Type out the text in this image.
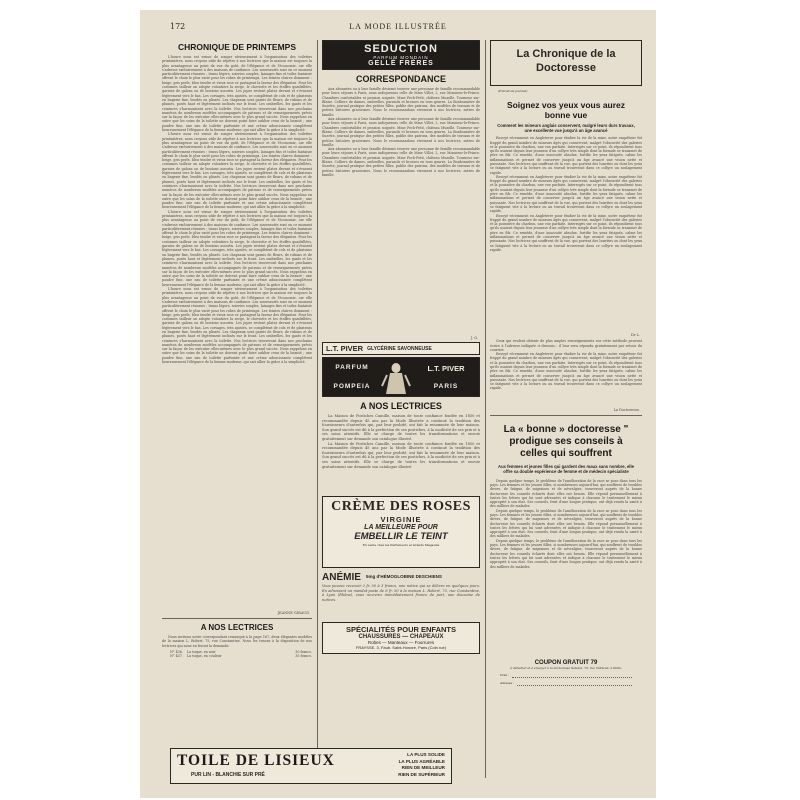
172	LA MODE ILLUSTRÉE
CHRONIQUE DE PRINTEMPS

L'heure nous est venue de songer sérieusement à l'organisation des toilettes printanières, nous croyons utile de répéter à nos lectrices que la maison est toujours la plus avantageuse au point de vue du goût, de l'élégance et de l'économie, car elle s'adresse exclusivement à des maisons de confiance. Les nouveautés sont en ce moment particulièrement réussies ; tissus légers, soieries souples, lainages fins et toiles fantaisie offrent le choix le plus varié pour les robes de printemps. Les teintes claires dominent : beige, gris perle, bleu tendre et vieux rose se partagent la faveur des élégantes. Pour les costumes tailleur on adopte volontiers la serge, le cheviotte et les étoffes quadrillées, garnies de galons ou de boutons assortis. Les jupes restent plates devant et s'évasent légèrement vers le bas. Les corsages, très ajustés, se complètent de cols et de plastrons en lingerie fine, brodés ou plissés. Les chapeaux sont garnis de fleurs, de rubans et de plumes, posés haut et légèrement inclinés sur le front. Les ombrelles, les gants et les ceintures s'harmonisent avec la toilette. Nos lectrices trouveront dans nos prochains numéros de nombreux modèles accompagnés de patrons et de renseignements précis sur la façon de les exécuter elles-mêmes avec le plus grand succès. Nous rappelons en outre que les soins de la toilette ne doivent point faire oublier ceux de la beauté ; une poudre fine, une eau de toilette parfumée et une crème adoucissante complètent heureusement l'élégance de la femme moderne, qui sait allier la grâce à la simplicité.

L'heure nous est venue de songer sérieusement à l'organisation des toilettes printanières, nous croyons utile de répéter à nos lectrices que la maison est toujours la plus avantageuse au point de vue du goût, de l'élégance et de l'économie, car elle s'adresse exclusivement à des maisons de confiance. Les nouveautés sont en ce moment particulièrement réussies ; tissus légers, soieries souples, lainages fins et toiles fantaisie offrent le choix le plus varié pour les robes de printemps. Les teintes claires dominent : beige, gris perle, bleu tendre et vieux rose se partagent la faveur des élégantes. Pour les costumes tailleur on adopte volontiers la serge, le cheviotte et les étoffes quadrillées, garnies de galons ou de boutons assortis. Les jupes restent plates devant et s'évasent légèrement vers le bas. Les corsages, très ajustés, se complètent de cols et de plastrons en lingerie fine, brodés ou plissés. Les chapeaux sont garnis de fleurs, de rubans et de plumes, posés haut et légèrement inclinés sur le front. Les ombrelles, les gants et les ceintures s'harmonisent avec la toilette. Nos lectrices trouveront dans nos prochains numéros de nombreux modèles accompagnés de patrons et de renseignements précis sur la façon de les exécuter elles-mêmes avec le plus grand succès. Nous rappelons en outre que les soins de la toilette ne doivent point faire oublier ceux de la beauté ; une poudre fine, une eau de toilette parfumée et une crème adoucissante complètent heureusement l'élégance de la femme moderne, qui sait allier la grâce à la simplicité.

L'heure nous est venue de songer sérieusement à l'organisation des toilettes printanières, nous croyons utile de répéter à nos lectrices que la maison est toujours la plus avantageuse au point de vue du goût, de l'élégance et de l'économie, car elle s'adresse exclusivement à des maisons de confiance. Les nouveautés sont en ce moment particulièrement réussies ; tissus légers, soieries souples, lainages fins et toiles fantaisie offrent le choix le plus varié pour les robes de printemps. Les teintes claires dominent : beige, gris perle, bleu tendre et vieux rose se partagent la faveur des élégantes. Pour les costumes tailleur on adopte volontiers la serge, le cheviotte et les étoffes quadrillées, garnies de galons ou de boutons assortis. Les jupes restent plates devant et s'évasent légèrement vers le bas. Les corsages, très ajustés, se complètent de cols et de plastrons en lingerie fine, brodés ou plissés. Les chapeaux sont garnis de fleurs, de rubans et de plumes, posés haut et légèrement inclinés sur le front. Les ombrelles, les gants et les ceintures s'harmonisent avec la toilette. Nos lectrices trouveront dans nos prochains numéros de nombreux modèles accompagnés de patrons et de renseignements précis sur la façon de les exécuter elles-mêmes avec le plus grand succès. Nous rappelons en outre que les soins de la toilette ne doivent point faire oublier ceux de la beauté ; une poudre fine, une eau de toilette parfumée et une crème adoucissante complètent heureusement l'élégance de la femme moderne, qui sait allier la grâce à la simplicité.

L'heure nous est venue de songer sérieusement à l'organisation des toilettes printanières, nous croyons utile de répéter à nos lectrices que la maison est toujours la plus avantageuse au point de vue du goût, de l'élégance et de l'économie, car elle s'adresse exclusivement à des maisons de confiance. Les nouveautés sont en ce moment particulièrement réussies ; tissus légers, soieries souples, lainages fins et toiles fantaisie offrent le choix le plus varié pour les robes de printemps. Les teintes claires dominent : beige, gris perle, bleu tendre et vieux rose se partagent la faveur des élégantes. Pour les costumes tailleur on adopte volontiers la serge, le cheviotte et les étoffes quadrillées, garnies de galons ou de boutons assortis. Les jupes restent plates devant et s'évasent légèrement vers le bas. Les corsages, très ajustés, se complètent de cols et de plastrons en lingerie fine, brodés ou plissés. Les chapeaux sont garnis de fleurs, de rubans et de plumes, posés haut et légèrement inclinés sur le front. Les ombrelles, les gants et les ceintures s'harmonisent avec la toilette. Nos lectrices trouveront dans nos prochains numéros de nombreux modèles accompagnés de patrons et de renseignements précis sur la façon de les exécuter elles-mêmes avec le plus grand succès. Nous rappelons en outre que les soins de la toilette ne doivent point faire oublier ceux de la beauté ; une poudre fine, une eau de toilette parfumée et une crème adoucissante complètent heureusement l'élégance de la femme moderne, qui sait allier la grâce à la simplicité.

JEANNE GIRAUD.
A NOS LECTRICES

Nous invitons notre correspondant remarqué à la page 167, deux élégantes modèles de la maison L. Robert, 75, rue Constantine. Nous les tenons à la disposition de nos lectrices qui nous en feront la demande.

N° 436. La toque, en noir	30 francs.
N° 437. La toque, en couleur	35 francs.
TOILE DE LISIEUX
PUR LIN - BLANCHIE SUR PRÉ
LA PLUS SOLIDE
LA PLUS AGRÉABLE
RIEN DE MEILLEUR
RIEN DE SUPÉRIEUR
SEDUCTION
PARFUM MONDAIN
GELLÉ FRÈRES
CORRESPONDANCE

Aux abonnées ou à leur famille désirant trouver une personne de famille recommandable pour leurs séjours à Paris, nous indiquerons celle de Mme Villot, 2, rue Monsieur-le-Prince. Chambres confortables et pension soignée. Mme Pech-Petit, château Muzelle. Tourneur sur-Blaise. Colliers de dames, ombrelles, parasols et brosses en tous genres. La Bonbonnière de Suzette, journal pratique des petites filles, publie des patrons, des modèles de travaux et de petites histoires gracieuses. Nous le recommandons vivement à nos lectrices, mères de famille.

Aux abonnées ou à leur famille désirant trouver une personne de famille recommandable pour leurs séjours à Paris, nous indiquerons celle de Mme Villot, 2, rue Monsieur-le-Prince. Chambres confortables et pension soignée. Mme Pech-Petit, château Muzelle. Tourneur sur-Blaise. Colliers de dames, ombrelles, parasols et brosses en tous genres. La Bonbonnière de Suzette, journal pratique des petites filles, publie des patrons, des modèles de travaux et de petites histoires gracieuses. Nous le recommandons vivement à nos lectrices, mères de famille.

Aux abonnées ou à leur famille désirant trouver une personne de famille recommandable pour leurs séjours à Paris, nous indiquerons celle de Mme Villot, 2, rue Monsieur-le-Prince. Chambres confortables et pension soignée. Mme Pech-Petit, château Muzelle. Tourneur sur-Blaise. Colliers de dames, ombrelles, parasols et brosses en tous genres. La Bonbonnière de Suzette, journal pratique des petites filles, publie des patrons, des modèles de travaux et de petites histoires gracieuses. Nous le recommandons vivement à nos lectrices, mères de famille.

J. G.
L.T. PIVER GLYCÉRINE SAVONNEUSE
PARFUM
POMPEIA
L.T. PIVER
PARIS
A NOS LECTRICES

La Maison de Postiches Camille, maison de toute confiance fondée en 1850 et recommandée depuis 45 ans par la Mode Illustrée à continué la tradition des fournisseurs d'autrefois qui, par leur probité, ont fait la renommée de leur maison. Son grand succès est dû à la perfection de ses postiches, à la modicité de ses prix et à ses soins attentifs. Elle se charge de toutes les transformations et envoie gratuitement sur demande son catalogue illustré.

La Maison de Postiches Camille, maison de toute confiance fondée en 1850 et recommandée depuis 45 ans par la Mode Illustrée à continué la tradition des fournisseurs d'autrefois qui, par leur probité, ont fait la renommée de leur maison. Son grand succès est dû à la perfection de ses postiches, à la modicité de ses prix et à ses soins attentifs. Elle se charge de toutes les transformations et envoie gratuitement sur demande son catalogue illustré.

CRÈME DES ROSES
VIRGINIE
LA MEILLEURE POUR
EMBELLIR LE TEINT
En vente chez les Parfumeurs et Grands Magasins
ANÉMIE 5mg d'HÉMOGLOBINE DESCHIENS

Vous pouvez recevoir 2 fr. 50 à 3 francs, une notice qui se délivre en quelques jours. En adressant un mandat-poste de 6 fr. 50 à la maison L. Robert, 75, rue Constantine, à Lyon (Rhône), vous recevrez immédiatement franco de port, une douzaine de notices.

SPÉCIALITÉS POUR ENFANTS
CHAUSSURES — CHAPEAUX
Robes — Manteaux — Fourrures
FRAYSSE, 3, Faub. Saint-Honoré, Paris (Coin rue)
La Chronique de la Doctoresse
(Extrait du journal)
Soignez vos yeux vous aurez bonne vue
Comment les mineurs anglais conservent, malgré leurs durs travaux, une excellente vue jusqu'à un âge avancé

Envoyé récemment en Angleterre pour étudier la vie de la mine, notre enquêteur fut frappé du grand nombre de mineurs âgés qui conservent, malgré l'obscurité des galeries et la poussière du charbon, une vue parfaite. Interrogés sur ce point, ils répondirent tous qu'ils usaient depuis leur jeunesse d'un collyre très simple dont la formule se transmet de père en fils. Ce remède, d'une innocuité absolue, fortifie les yeux fatigués, calme les inflammations et permet de conserver jusqu'à un âge avancé une vision nette et puissante. Nos lectrices qui souffrent de la vue, qui portent des lunettes ou dont les yeux se fatiguent vite à la lecture ou au travail trouveront dans ce collyre un soulagement rapide.

Envoyé récemment en Angleterre pour étudier la vie de la mine, notre enquêteur fut frappé du grand nombre de mineurs âgés qui conservent, malgré l'obscurité des galeries et la poussière du charbon, une vue parfaite. Interrogés sur ce point, ils répondirent tous qu'ils usaient depuis leur jeunesse d'un collyre très simple dont la formule se transmet de père en fils. Ce remède, d'une innocuité absolue, fortifie les yeux fatigués, calme les inflammations et permet de conserver jusqu'à un âge avancé une vision nette et puissante. Nos lectrices qui souffrent de la vue, qui portent des lunettes ou dont les yeux se fatiguent vite à la lecture ou au travail trouveront dans ce collyre un soulagement rapide.

Envoyé récemment en Angleterre pour étudier la vie de la mine, notre enquêteur fut frappé du grand nombre de mineurs âgés qui conservent, malgré l'obscurité des galeries et la poussière du charbon, une vue parfaite. Interrogés sur ce point, ils répondirent tous qu'ils usaient depuis leur jeunesse d'un collyre très simple dont la formule se transmet de père en fils. Ce remède, d'une innocuité absolue, fortifie les yeux fatigués, calme les inflammations et permet de conserver jusqu'à un âge avancé une vision nette et puissante. Nos lectrices qui souffrent de la vue, qui portent des lunettes ou dont les yeux se fatiguent vite à la lecture ou au travail trouveront dans ce collyre un soulagement rapide.

Dr L.

Ceux qui veulent obtenir de plus amples renseignements sur cette méthode peuvent écrire à l'adresse indiquée ci-dessous : il leur sera répondu gratuitement par retour du courrier.

Envoyé récemment en Angleterre pour étudier la vie de la mine, notre enquêteur fut frappé du grand nombre de mineurs âgés qui conservent, malgré l'obscurité des galeries et la poussière du charbon, une vue parfaite. Interrogés sur ce point, ils répondirent tous qu'ils usaient depuis leur jeunesse d'un collyre très simple dont la formule se transmet de père en fils. Ce remède, d'une innocuité absolue, fortifie les yeux fatigués, calme les inflammations et permet de conserver jusqu'à un âge avancé une vision nette et puissante. Nos lectrices qui souffrent de la vue, qui portent des lunettes ou dont les yeux se fatiguent vite à la lecture ou au travail trouveront dans ce collyre un soulagement rapide.

La Doctoresse.
La « bonne » doctoresse " prodigue ses conseils à celles qui souffrent
Aux femmes et jeunes filles qui gardent des maux sans nombre, elle offre sa double expérience de femme et de médecin spécialiste

Depuis quelque temps, le problème de l'amélioration de la race se pose dans tous les pays. Les femmes et les jeunes filles, si nombreuses aujourd'hui, qui souffrent de troubles divers, de fatigue, de migraines et de névralgies, trouveront auprès de la bonne doctoresse les conseils éclairés dont elles ont besoin. Elle répond personnellement à toutes les lettres qui lui sont adressées et indique à chacune le traitement le mieux approprié à son état. Ses conseils, fruit d'une longue pratique, ont déjà rendu la santé à des milliers de malades.

Depuis quelque temps, le problème de l'amélioration de la race se pose dans tous les pays. Les femmes et les jeunes filles, si nombreuses aujourd'hui, qui souffrent de troubles divers, de fatigue, de migraines et de névralgies, trouveront auprès de la bonne doctoresse les conseils éclairés dont elles ont besoin. Elle répond personnellement à toutes les lettres qui lui sont adressées et indique à chacune le traitement le mieux approprié à son état. Ses conseils, fruit d'une longue pratique, ont déjà rendu la santé à des milliers de malades.

Depuis quelque temps, le problème de l'amélioration de la race se pose dans tous les pays. Les femmes et les jeunes filles, si nombreuses aujourd'hui, qui souffrent de troubles divers, de fatigue, de migraines et de névralgies, trouveront auprès de la bonne doctoresse les conseils éclairés dont elles ont besoin. Elle répond personnellement à toutes les lettres qui lui sont adressées et indique à chacune le traitement le mieux approprié à son état. Ses conseils, fruit d'une longue pratique, ont déjà rendu la santé à des milliers de malades.

COUPON GRATUIT 79
à détacher et à envoyer à la doctoresse Salelon, 75, rue Taitbout, à Paris.
Nom :
Adresse :
